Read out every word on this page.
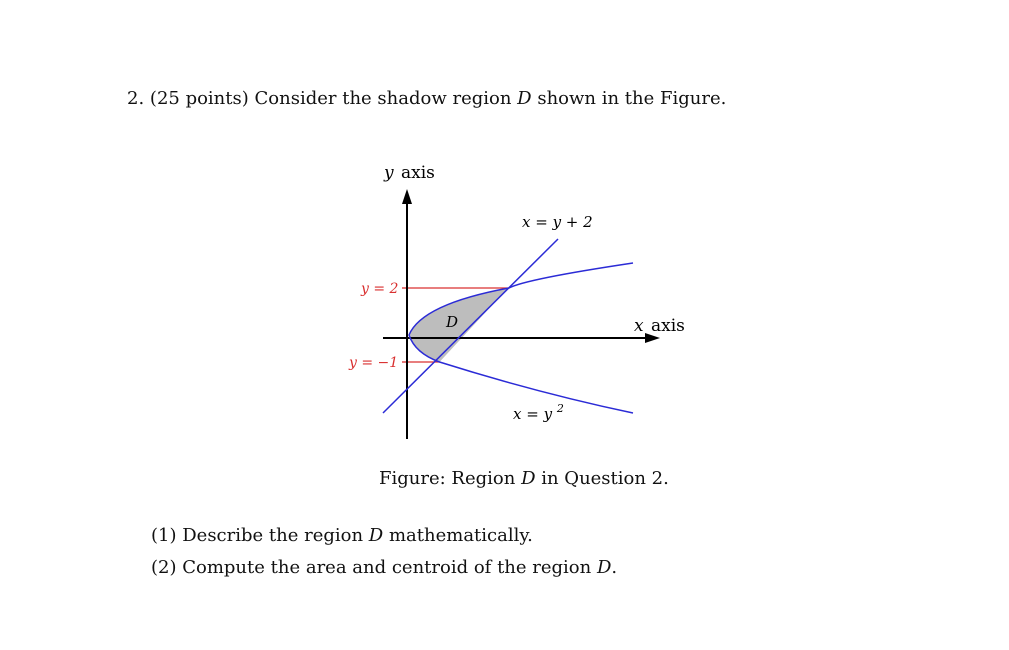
2. (25 points) Consider the shadow region D shown in the Figure.
y axis
x axis
x = y + 2
x = y $^2$
y = 2
y = −1
D
Figure: Region D in Question 2.
(1) Describe the region D mathematically.
(2) Compute the area and centroid of the region D.
